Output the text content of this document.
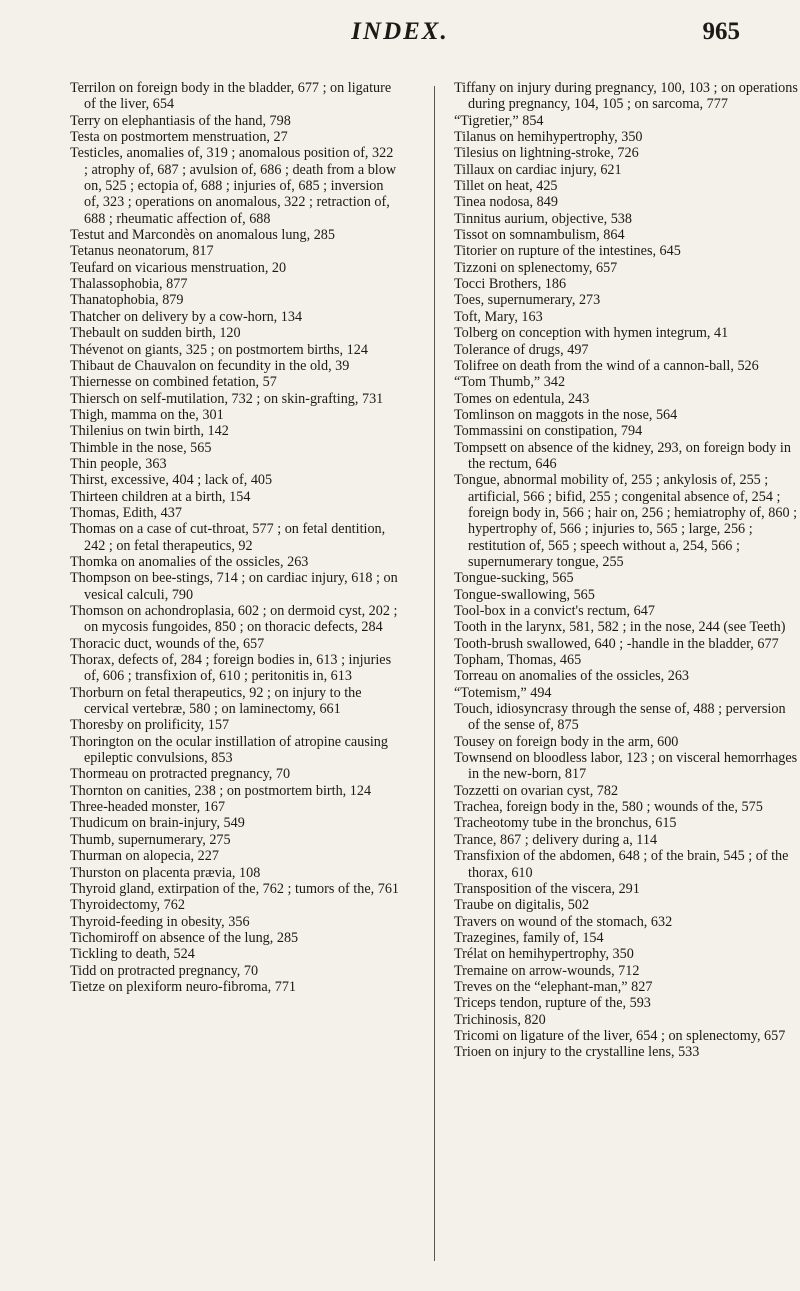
INDEX.	965

Terrilon on foreign body in the bladder, 677 ; on ligature of the liver, 654

Terry on elephantiasis of the hand, 798

Testa on postmortem menstruation, 27

Testicles, anomalies of, 319 ; anomalous position of, 322 ; atrophy of, 687 ; avulsion of, 686 ; death from a blow on, 525 ; ectopia of, 688 ; injuries of, 685 ; inversion of, 323 ; operations on anomalous, 322 ; retraction of, 688 ; rheumatic affection of, 688

Testut and Marcondès on anomalous lung, 285

Tetanus neonatorum, 817

Teufard on vicarious menstruation, 20

Thalassophobia, 877

Thanatophobia, 879

Thatcher on delivery by a cow-horn, 134

Thebault on sudden birth, 120

Thévenot on giants, 325 ; on postmortem births, 124

Thibaut de Chauvalon on fecundity in the old, 39

Thiernesse on combined fetation, 57

Thiersch on self-mutilation, 732 ; on skin-grafting, 731

Thigh, mamma on the, 301

Thilenius on twin birth, 142

Thimble in the nose, 565

Thin people, 363

Thirst, excessive, 404 ; lack of, 405

Thirteen children at a birth, 154

Thomas, Edith, 437

Thomas on a case of cut-throat, 577 ; on fetal dentition, 242 ; on fetal therapeutics, 92

Thomka on anomalies of the ossicles, 263

Thompson on bee-stings, 714 ; on cardiac injury, 618 ; on vesical calculi, 790

Thomson on achondroplasia, 602 ; on dermoid cyst, 202 ; on mycosis fungoides, 850 ; on thoracic defects, 284

Thoracic duct, wounds of the, 657

Thorax, defects of, 284 ; foreign bodies in, 613 ; injuries of, 606 ; transfixion of, 610 ; peritonitis in, 613

Thorburn on fetal therapeutics, 92 ; on injury to the cervical vertebræ, 580 ; on laminectomy, 661

Thoresby on prolificity, 157

Thorington on the ocular instillation of atropine causing epileptic convulsions, 853

Thormeau on protracted pregnancy, 70

Thornton on canities, 238 ; on postmortem birth, 124

Three-headed monster, 167

Thudicum on brain-injury, 549

Thumb, supernumerary, 275

Thurman on alopecia, 227

Thurston on placenta prævia, 108

Thyroid gland, extirpation of the, 762 ; tumors of the, 761

Thyroidectomy, 762

Thyroid-feeding in obesity, 356

Tichomiroff on absence of the lung, 285

Tickling to death, 524

Tidd on protracted pregnancy, 70

Tietze on plexiform neuro-fibroma, 771

Tiffany on injury during pregnancy, 100, 103 ; on operations during pregnancy, 104, 105 ; on sarcoma, 777

“Tigretier,” 854

Tilanus on hemihypertrophy, 350

Tilesius on lightning-stroke, 726

Tillaux on cardiac injury, 621

Tillet on heat, 425

Tinea nodosa, 849

Tinnitus aurium, objective, 538

Tissot on somnambulism, 864

Titorier on rupture of the intestines, 645

Tizzoni on splenectomy, 657

Tocci Brothers, 186

Toes, supernumerary, 273

Toft, Mary, 163

Tolberg on conception with hymen integrum, 41

Tolerance of drugs, 497

Tolifree on death from the wind of a cannon-ball, 526

“Tom Thumb,” 342

Tomes on edentula, 243

Tomlinson on maggots in the nose, 564

Tommassini on constipation, 794

Tompsett on absence of the kidney, 293, on foreign body in the rectum, 646

Tongue, abnormal mobility of, 255 ; ankylosis of, 255 ; artificial, 566 ; bifid, 255 ; congenital absence of, 254 ; foreign body in, 566 ; hair on, 256 ; hemiatrophy of, 860 ; hypertrophy of, 566 ; injuries to, 565 ; large, 256 ; restitution of, 565 ; speech without a, 254, 566 ; supernumerary tongue, 255

Tongue-sucking, 565

Tongue-swallowing, 565

Tool-box in a convict's rectum, 647

Tooth in the larynx, 581, 582 ; in the nose, 244 (see Teeth)

Tooth-brush swallowed, 640 ; -handle in the bladder, 677

Topham, Thomas, 465

Torreau on anomalies of the ossicles, 263

“Totemism,” 494

Touch, idiosyncrasy through the sense of, 488 ; perversion of the sense of, 875

Tousey on foreign body in the arm, 600

Townsend on bloodless labor, 123 ; on visceral hemorrhages in the new-born, 817

Tozzetti on ovarian cyst, 782

Trachea, foreign body in the, 580 ; wounds of the, 575

Tracheotomy tube in the bronchus, 615

Trance, 867 ; delivery during a, 114

Transfixion of the abdomen, 648 ; of the brain, 545 ; of the thorax, 610

Transposition of the viscera, 291

Traube on digitalis, 502

Travers on wound of the stomach, 632

Trazegines, family of, 154

Trélat on hemihypertrophy, 350

Tremaine on arrow-wounds, 712

Treves on the “elephant-man,” 827

Triceps tendon, rupture of the, 593

Trichinosis, 820

Tricomi on ligature of the liver, 654 ; on splenectomy, 657

Trioen on injury to the crystalline lens, 533
